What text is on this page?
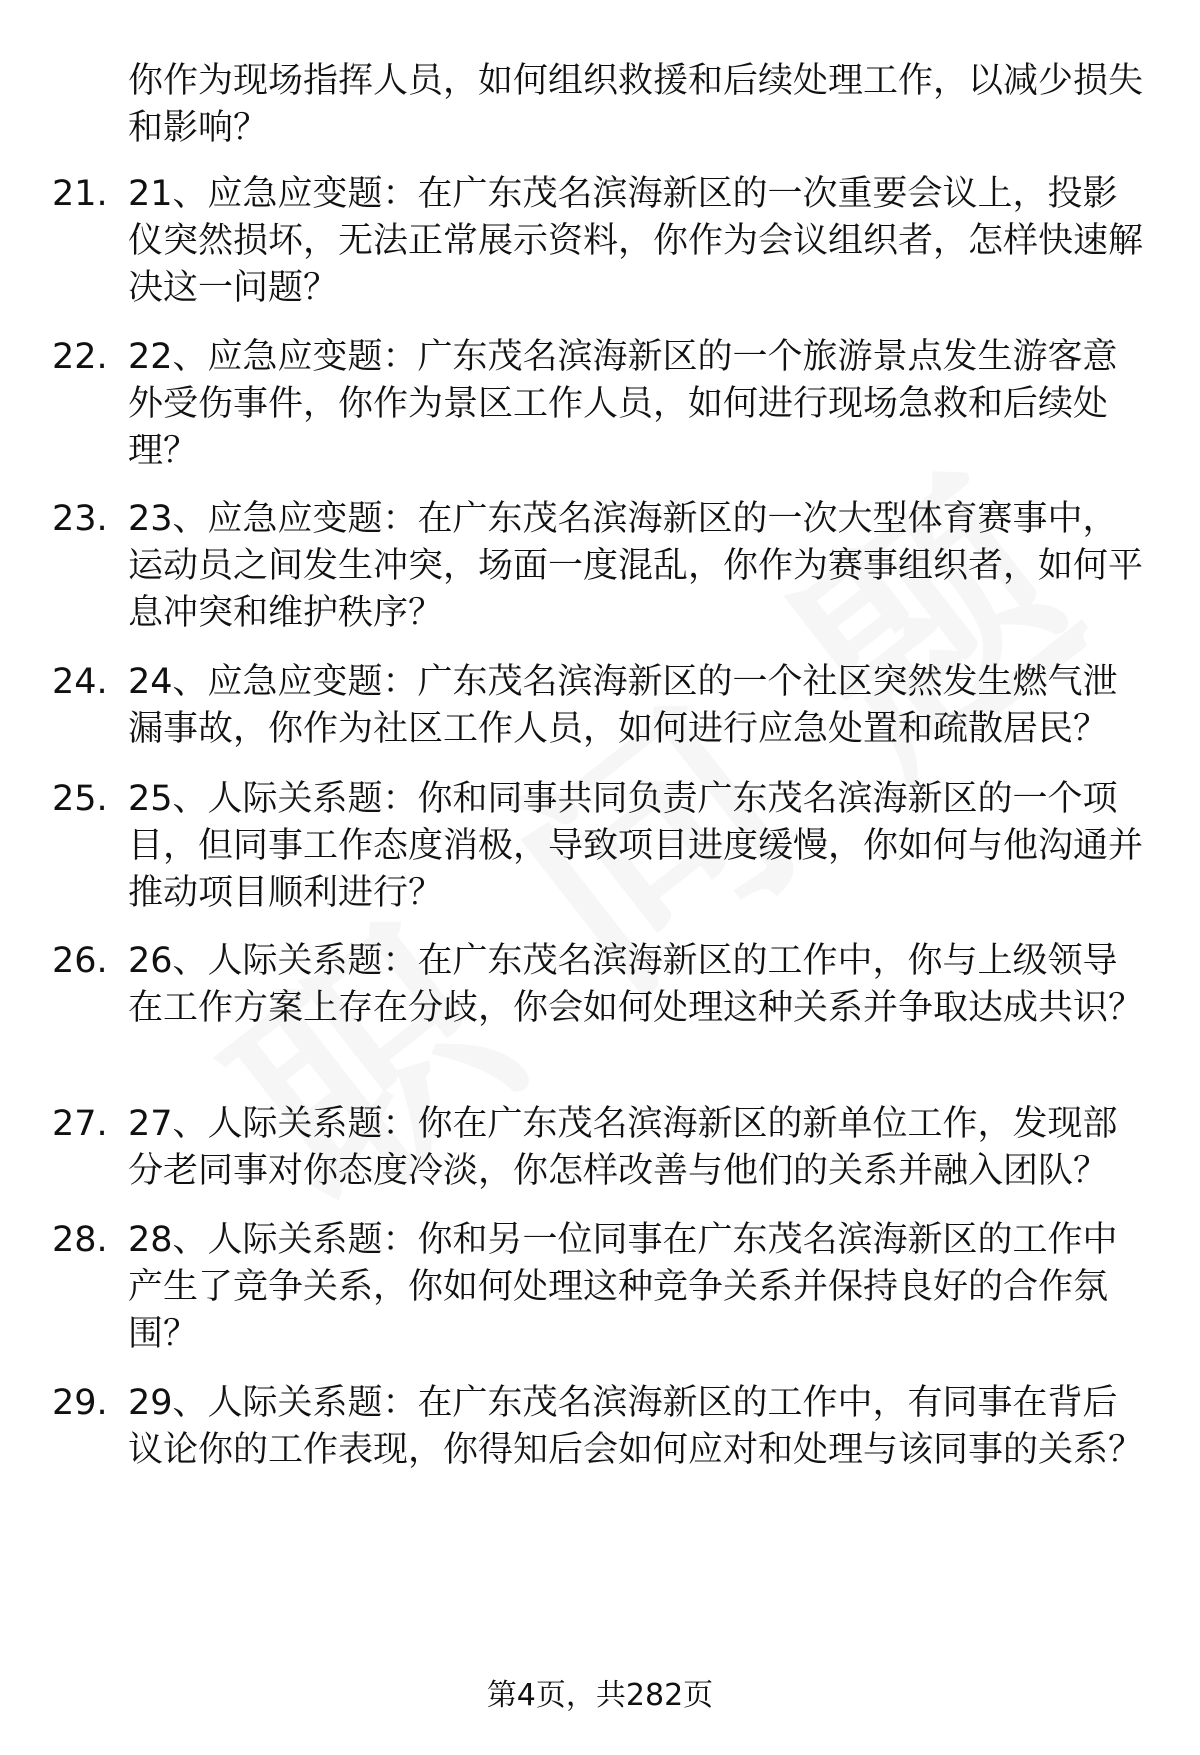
你作为现场指挥人员，如何组织救援和后续处理工作，以减少损失和影响？
21. 21、应急应变题：在广东茂名滨海新区的一次重要会议上，投影仪突然损坏，无法正常展示资料，你作为会议组织者，怎样快速解决这一问题？
22. 22、应急应变题：广东茂名滨海新区的一个旅游景点发生游客意外受伤事件，你作为景区工作人员，如何进行现场急救和后续处理？
23. 23、应急应变题：在广东茂名滨海新区的一次大型体育赛事中，运动员之间发生冲突，场面一度混乱，你作为赛事组织者，如何平息冲突和维护秩序？
24. 24、应急应变题：广东茂名滨海新区的一个社区突然发生燃气泄漏事故，你作为社区工作人员，如何进行应急处置和疏散居民？
25. 25、人际关系题：你和同事共同负责广东茂名滨海新区的一个项目，但同事工作态度消极，导致项目进度缓慢，你如何与他沟通并推动项目顺利进行？
26. 26、人际关系题：在广东茂名滨海新区的工作中，你与上级领导在工作方案上存在分歧，你会如何处理这种关系并争取达成共识？
27. 27、人际关系题：你在广东茂名滨海新区的新单位工作，发现部分老同事对你态度冷淡，你怎样改善与他们的关系并融入团队？
28. 28、人际关系题：你和另一位同事在广东茂名滨海新区的工作中产生了竞争关系，你如何处理这种竞争关系并保持良好的合作氛围？
29. 29、人际关系题：在广东茂名滨海新区的工作中，有同事在背后议论你的工作表现，你得知后会如何应对和处理与该同事的关系？
第4页，共282页
